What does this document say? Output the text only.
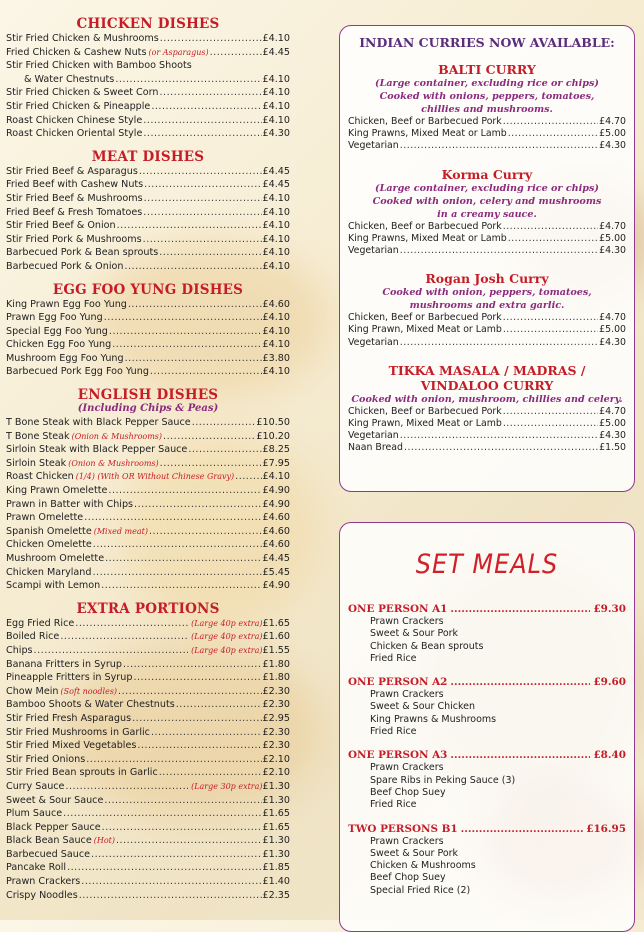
CHICKEN DISHES
Stir Fried Chicken & Mushrooms .....	£4.10
Fried Chicken & Cashew Nuts (or Asparagus) .....	£4.45
Stir Fried Chicken with Bamboo Shoots
& Water Chestnuts .....	£4.10
Stir Fried Chicken & Sweet Corn .....	£4.10
Stir Fried Chicken & Pineapple .....	£4.10
Roast Chicken Chinese Style .....	£4.10
Roast Chicken Oriental Style .....	£4.30
MEAT DISHES
Stir Fried Beef & Asparagus .....	£4.45
Fried Beef with Cashew Nuts .....	£4.45
Stir Fried Beef & Mushrooms .....	£4.10
Fried Beef & Fresh Tomatoes .....	£4.10
Stir Fried Beef & Onion .....	£4.10
Stir Fried Pork & Mushrooms .....	£4.10
Barbecued Pork & Bean sprouts .....	£4.10
Barbecued Pork & Onion .....	£4.10
EGG FOO YUNG DISHES
King Prawn Egg Foo Yung .....	£4.60
Prawn Egg Foo Yung .....	£4.10
Special Egg Foo Yung .....	£4.10
Chicken Egg Foo Yung .....	£4.10
Mushroom Egg Foo Yung .....	£3.80
Barbecued Pork Egg Foo Yung .....	£4.10
ENGLISH DISHES
(Including Chips & Peas)
T Bone Steak with Black Pepper Sauce .....	£10.50
T Bone Steak (Onion & Mushrooms) .....	£10.20
Sirloin Steak with Black Pepper Sauce .....	£8.25
Sirloin Steak (Onion & Mushrooms) .....	£7.95
Roast Chicken (1/4) (With OR Without Chinese Gravy) .....	£4.10
King Prawn Omelette .....	£4.90
Prawn in Batter with Chips .....	£4.90
Prawn Omelette .....	£4.60
Spanish Omelette (Mixed meat) .....	£4.60
Chicken Omelette .....	£4.60
Mushroom Omelette .....	£4.45
Chicken Maryland .....	£5.45
Scampi with Lemon .....	£4.90
EXTRA PORTIONS
Egg Fried Rice .....	(Large 40p extra) £1.65
Boiled Rice .....	(Large 40p extra) £1.60
Chips .....	(Large 40p extra) £1.55
Banana Fritters in Syrup .....	£1.80
Pineapple Fritters in Syrup .....	£1.80
Chow Mein (Soft noodles) .....	£2.30
Bamboo Shoots & Water Chestnuts .....	£2.30
Stir Fried Fresh Asparagus .....	£2.95
Stir Fried Mushrooms in Garlic .....	£2.30
Stir Fried Mixed Vegetables .....	£2.30
Stir Fried Onions .....	£2.10
Stir Fried Bean sprouts in Garlic .....	£2.10
Curry Sauce .....	(Large 30p extra) £1.30
Sweet & Sour Sauce .....	£1.30
Plum Sauce .....	£1.65
Black Pepper Sauce .....	£1.65
Black Bean Sauce (Hot) .....	£1.30
Barbecued Sauce .....	£1.30
Pancake Roll .....	£1.85
Prawn Crackers .....	£1.40
Crispy Noodles .....	£2.35
INDIAN CURRIES NOW AVAILABLE:
BALTI CURRY
(Large container, excluding rice or chips)
Cooked with onions, peppers, tomatoes,
chillies and mushrooms.
Chicken, Beef or Barbecued Pork .....	£4.70
King Prawns, Mixed Meat or Lamb .....	£5.00
Vegetarian .....	£4.30
Korma Curry
(Large container, excluding rice or chips)
Cooked with onion, celery and mushrooms
in a creamy sauce.
Chicken, Beef or Barbecued Pork .....	£4.70
King Prawns, Mixed Meat or Lamb .....	£5.00
Vegetarian .....	£4.30
Rogan Josh Curry
Cooked with onion, peppers, tomatoes,
mushrooms and extra garlic.
Chicken, Beef or Barbecued Pork .....	£4.70
King Prawn, Mixed Meat or Lamb .....	£5.00
Vegetarian .....	£4.30
TIKKA MASALA / MADRAS / VINDALOO CURRY
Cooked with onion, mushroom, chillies and celery.
Chicken, Beef or Barbecued Pork .....	£4.70
King Prawn, Mixed Meat or Lamb .....	£5.00
Vegetarian .....	£4.30
Naan Bread .....	£1.50
SET MEALS
ONE PERSON A1 .....	£9.30
Prawn Crackers
Sweet & Sour Pork
Chicken & Bean sprouts
Fried Rice
ONE PERSON A2 .....	£9.60
Prawn Crackers
Sweet & Sour Chicken
King Prawns & Mushrooms
Fried Rice
ONE PERSON A3 .....	£8.40
Prawn Crackers
Spare Ribs in Peking Sauce (3)
Beef Chop Suey
Fried Rice
TWO PERSONS B1 .....	£16.95
Prawn Crackers
Sweet & Sour Pork
Chicken & Mushrooms
Beef Chop Suey
Special Fried Rice (2)
